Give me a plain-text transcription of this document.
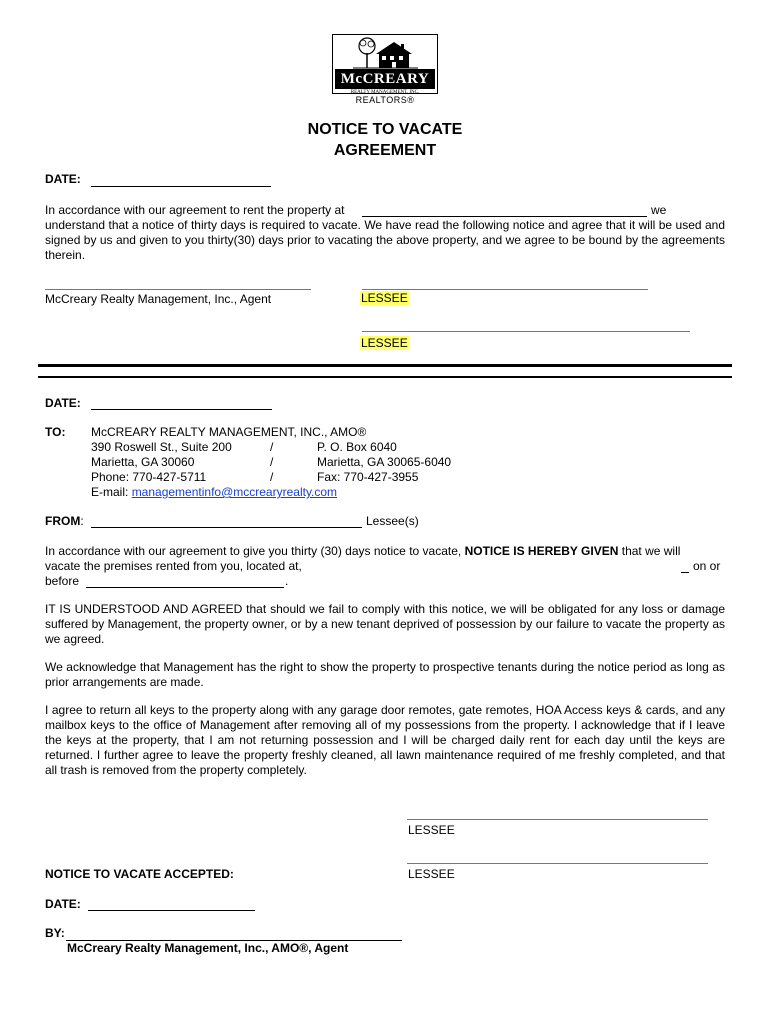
McCREARY
REALTY MANAGEMENT, INC.
REALTORS®
NOTICE TO VACATE
AGREEMENT
DATE:
In accordance with our agreement to rent the property at	we
understand that a notice of thirty days is required to vacate. We have read the following notice and agree that it will be used and signed by us and given to you thirty(30) days prior to vacating the above property, and we agree to be bound by the agreements therein.
McCreary Realty Management, Inc., Agent	LESSEE
LESSEE
DATE:
TO: McCREARY REALTY MANAGEMENT, INC., AMO®
390 Roswell St., Suite 200	/	P. O. Box 6040
Marietta, GA 30060	/	Marietta, GA 30065-6040
Phone: 770-427-5711	/	Fax: 770-427-3955
E-mail: managementinfo@mccrearyrealty.com
FROM:	Lessee(s)
In accordance with our agreement to give you thirty (30) days notice to vacate, NOTICE IS HEREBY GIVEN that we will
vacate the premises rented from you, located at,	on or
before	.
IT IS UNDERSTOOD AND AGREED that should we fail to comply with this notice, we will be obligated for any loss or damage suffered by Management, the property owner, or by a new tenant deprived of possession by our failure to vacate the property as we agreed.
We acknowledge that Management has the right to show the property to prospective tenants during the notice period as long as prior arrangements are made.
I agree to return all keys to the property along with any garage door remotes, gate remotes, HOA Access keys & cards, and any mailbox keys to the office of Management after removing all of my possessions from the property. I acknowledge that if I leave the keys at the property, that I am not returning possession and I will be charged daily rent for each day until the keys are returned. I further agree to leave the property freshly cleaned, all lawn maintenance required of me freshly completed, and that all trash is removed from the property completely.
LESSEE
NOTICE TO VACATE ACCEPTED:	LESSEE
DATE:
BY:
McCreary Realty Management, Inc., AMO®, Agent
